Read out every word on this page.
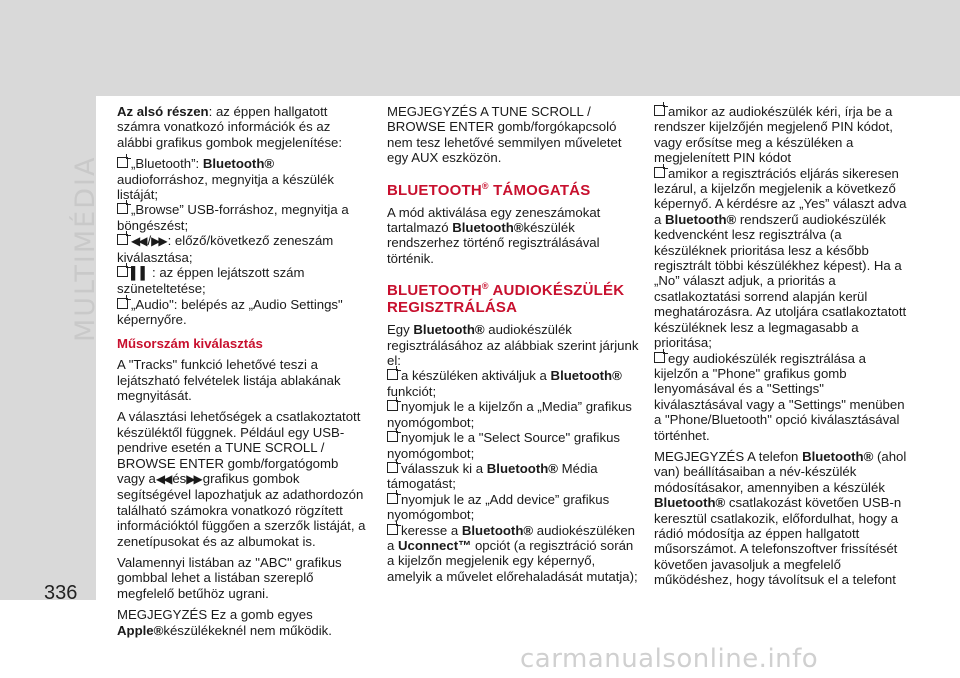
MULTIMÉDIA
336
carmanualsonline.info

Az alsó részen: az éppen hallgatott számra vonatkozó információk és az alábbi grafikus gombok megjelenítése:

„Bluetooth”: Bluetooth® audioforráshoz, megnyitja a készülék listáját;

„Browse” USB-forráshoz, megnyitja a böngészést;

◀◀ /▶▶ : előző/következő zeneszám kiválasztása;

▌▌ : az éppen lejátszott szám szüneteltetése;

„Audio": belépés az „Audio Settings" képernyőre.

Műsorszám kiválasztás

A "Tracks" funkció lehetővé teszi a lejátszható felvételek listája ablakának megnyitását.

A választási lehetőségek a csatlakoztatott készüléktől függnek. Például egy USB-pendrive esetén a TUNE SCROLL / BROWSE ENTER gomb/forgatógomb vagy a◀◀ és▶▶ grafikus gombok segítségével lapozhatjuk az adathordozón található számokra vonatkozó rögzített információktól függően a szerzők listáját, a zenetípusokat és az albumokat is.

Valamennyi listában az "ABC" grafikus gombbal lehet a listában szereplő megfelelő betűhöz ugrani.

MEGJEGYZÉS Ez a gomb egyes Apple®készülékeknél nem működik.

MEGJEGYZÉS A TUNE SCROLL / BROWSE ENTER gomb/forgókapcsoló nem tesz lehetővé semmilyen műveletet egy AUX eszközön.

BLUETOOTH® TÁMOGATÁS

A mód aktiválása egy zeneszámokat tartalmazó Bluetooth®készülék rendszerhez történő regisztrálásával történik.

BLUETOOTH® AUDIOKÉSZÜLÉK REGISZTRÁLÁSA

Egy Bluetooth® audiokészülék regisztrálásához az alábbiak szerint járjunk el:

a készüléken aktiváljuk a Bluetooth® funkciót;

nyomjuk le a kijelzőn a „Media” grafikus nyomógombot;

nyomjuk le a "Select Source" grafikus nyomógombot;

válasszuk ki a Bluetooth® Média támogatást;

nyomjuk le az „Add device” grafikus nyomógombot;

keresse a Bluetooth® audiokészüléken a Uconnect™ opciót (a regisztráció során a kijelzőn megjelenik egy képernyő, amelyik a művelet előrehaladását mutatja);

amikor az audiokészülék kéri, írja be a rendszer kijelzőjén megjelenő PIN kódot, vagy erősítse meg a készüléken a megjelenített PIN kódot

amikor a regisztrációs eljárás sikeresen lezárul, a kijelzőn megjelenik a következő képernyő. A kérdésre az „Yes” választ adva a Bluetooth® rendszerű audiokészülék kedvencként lesz regisztrálva (a készüléknek prioritása lesz a később regisztrált többi készülékhez képest). Ha a „No” választ adjuk, a prioritás a csatlakoztatási sorrend alapján kerül meghatározásra. Az utoljára csatlakoztatott készüléknek lesz a legmagasabb a prioritása;

egy audiokészülék regisztrálása a kijelzőn a "Phone" grafikus gomb lenyomásával és a "Settings" kiválasztásával vagy a "Settings" menüben a "Phone/Bluetooth" opció kiválasztásával történhet.

MEGJEGYZÉS A telefon Bluetooth® (ahol van) beállításaiban a név-készülék módosításakor, amennyiben a készülék Bluetooth® csatlakozást követően USB-n keresztül csatlakozik, előfordulhat, hogy a rádió módosítja az éppen hallgatott műsorszámot. A telefonszoftver frissítését követően javasoljuk a megfelelő működéshez, hogy távolítsuk el a telefont
